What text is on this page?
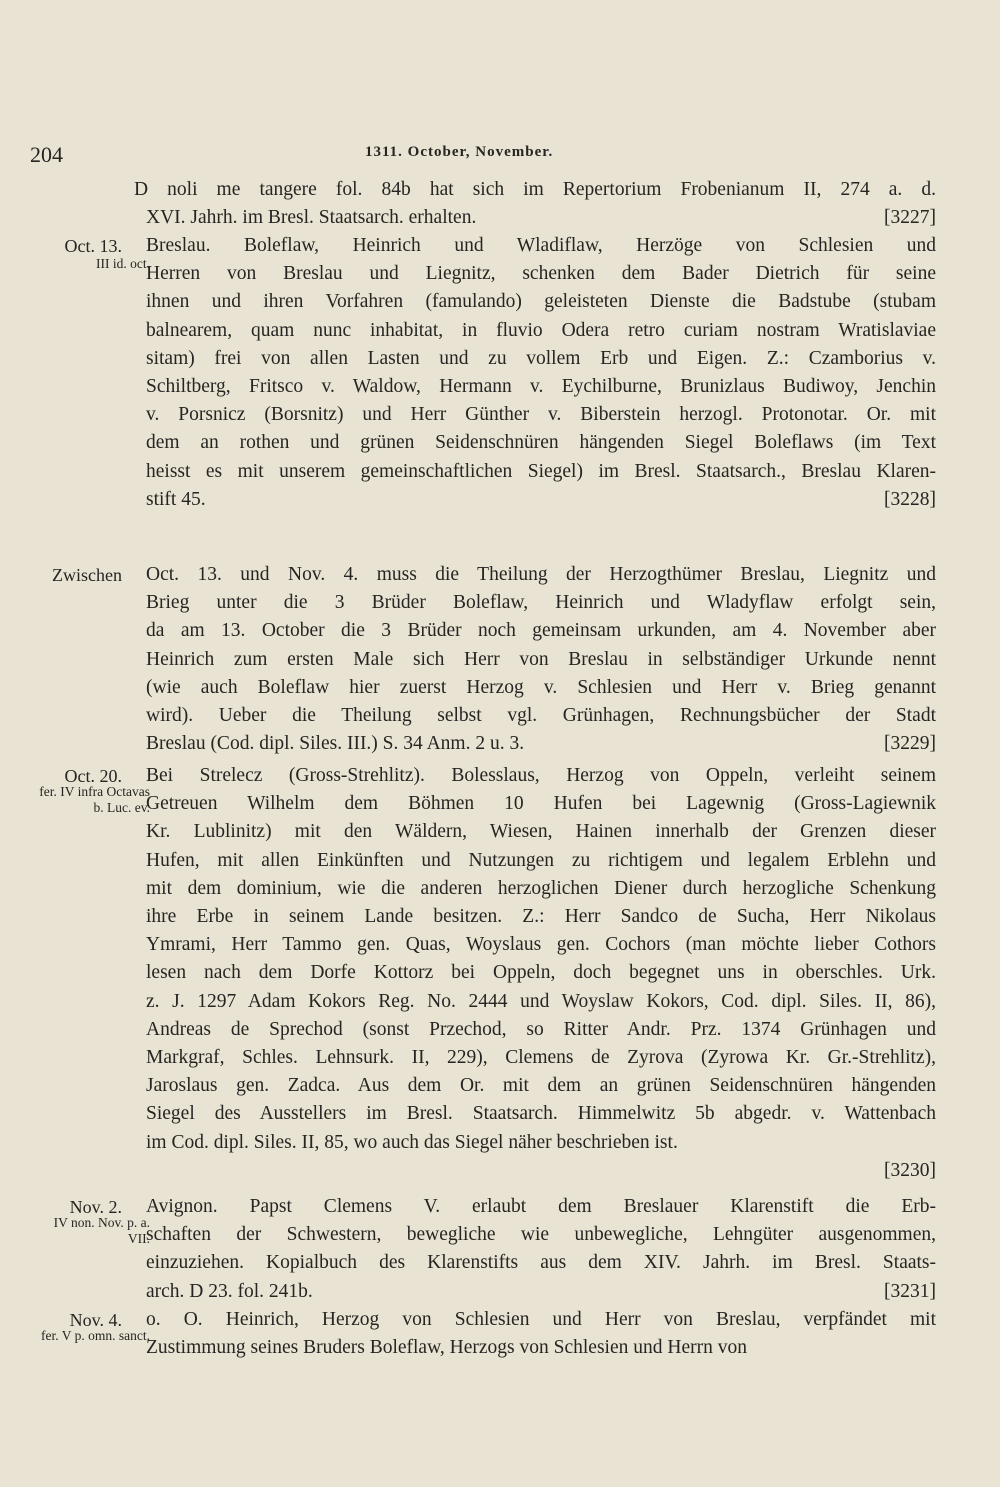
204	1311. October, November.
D noli me tangere fol. 84b hat sich im Repertorium Frobenianum II, 274 a. d.
XVI. Jahrh. im Bresl. Staatsarch. erhalten.	[3227]
Oct. 13.
III id. oct.
Breslau. Boleflaw, Heinrich und Wladiflaw, Herzöge von Schlesien und
Herren von Breslau und Liegnitz, schenken dem Bader Dietrich für seine
ihnen und ihren Vorfahren (famulando) geleisteten Dienste die Badstube (stubam
balnearem, quam nunc inhabitat, in fluvio Odera retro curiam nostram Wratislaviae
sitam) frei von allen Lasten und zu vollem Erb und Eigen. Z.: Czamborius v.
Schiltberg, Fritsco v. Waldow, Hermann v. Eychilburne, Brunizlaus Budiwoy, Jenchin
v. Porsnicz (Borsnitz) und Herr Günther v. Biberstein herzogl. Protonotar. Or. mit
dem an rothen und grünen Seidenschnüren hängenden Siegel Boleflaws (im Text
heisst es mit unserem gemeinschaftlichen Siegel) im Bresl. Staatsarch., Breslau Klaren-
stift 45.	[3228]
Zwischen Oct. 13. und Nov. 4. muss die Theilung der Herzogthümer Breslau, Liegnitz und
Brieg unter die 3 Brüder Boleflaw, Heinrich und Wladyflaw erfolgt sein,
da am 13. October die 3 Brüder noch gemeinsam urkunden, am 4. November aber
Heinrich zum ersten Male sich Herr von Breslau in selbständiger Urkunde nennt
(wie auch Boleflaw hier zuerst Herzog v. Schlesien und Herr v. Brieg genannt
wird). Ueber die Theilung selbst vgl. Grünhagen, Rechnungsbücher der Stadt
Breslau (Cod. dipl. Siles. III.) S. 34 Anm. 2 u. 3.	[3229]
Oct. 20.
fer. IV infra Octavas b. Luc. ev.
Bei Strelecz (Gross-Strehlitz). Bolesslaus, Herzog von Oppeln, verleiht seinem
Getreuen Wilhelm dem Böhmen 10 Hufen bei Lagewnig (Gross-Lagiewnik
Kr. Lublinitz) mit den Wäldern, Wiesen, Hainen innerhalb der Grenzen dieser
Hufen, mit allen Einkünften und Nutzungen zu richtigem und legalem Erblehn und
mit dem dominium, wie die anderen herzoglichen Diener durch herzogliche Schenkung
ihre Erbe in seinem Lande besitzen. Z.: Herr Sandco de Sucha, Herr Nikolaus
Ymrami, Herr Tammo gen. Quas, Woyslaus gen. Cochors (man möchte lieber Cothors
lesen nach dem Dorfe Kottorz bei Oppeln, doch begegnet uns in oberschles. Urk.
z. J. 1297 Adam Kokors Reg. No. 2444 und Woyslaw Kokors, Cod. dipl. Siles. II, 86),
Andreas de Sprechod (sonst Przechod, so Ritter Andr. Prz. 1374 Grünhagen und
Markgraf, Schles. Lehnsurk. II, 229), Clemens de Zyrova (Zyrowa Kr. Gr.-Strehlitz),
Jaroslaus gen. Zadca. Aus dem Or. mit dem an grünen Seidenschnüren hängenden
Siegel des Ausstellers im Bresl. Staatsarch. Himmelwitz 5b abgedr. v. Wattenbach
im Cod. dipl. Siles. II, 85, wo auch das Siegel näher beschrieben ist.
[3230]
Nov. 2.
IV non. Nov. p. a. VII.
Avignon. Papst Clemens V. erlaubt dem Breslauer Klarenstift die Erb-
schaften der Schwestern, bewegliche wie unbewegliche, Lehngüter ausgenommen,
einzuziehen. Kopialbuch des Klarenstifts aus dem XIV. Jahrh. im Bresl. Staats-
arch. D 23. fol. 241b.	[3231]
Nov. 4.
fer. V p. omn. sanct.
o. O. Heinrich, Herzog von Schlesien und Herr von Breslau, verpfändet mit
Zustimmung seines Bruders Boleflaw, Herzogs von Schlesien und Herrn von
